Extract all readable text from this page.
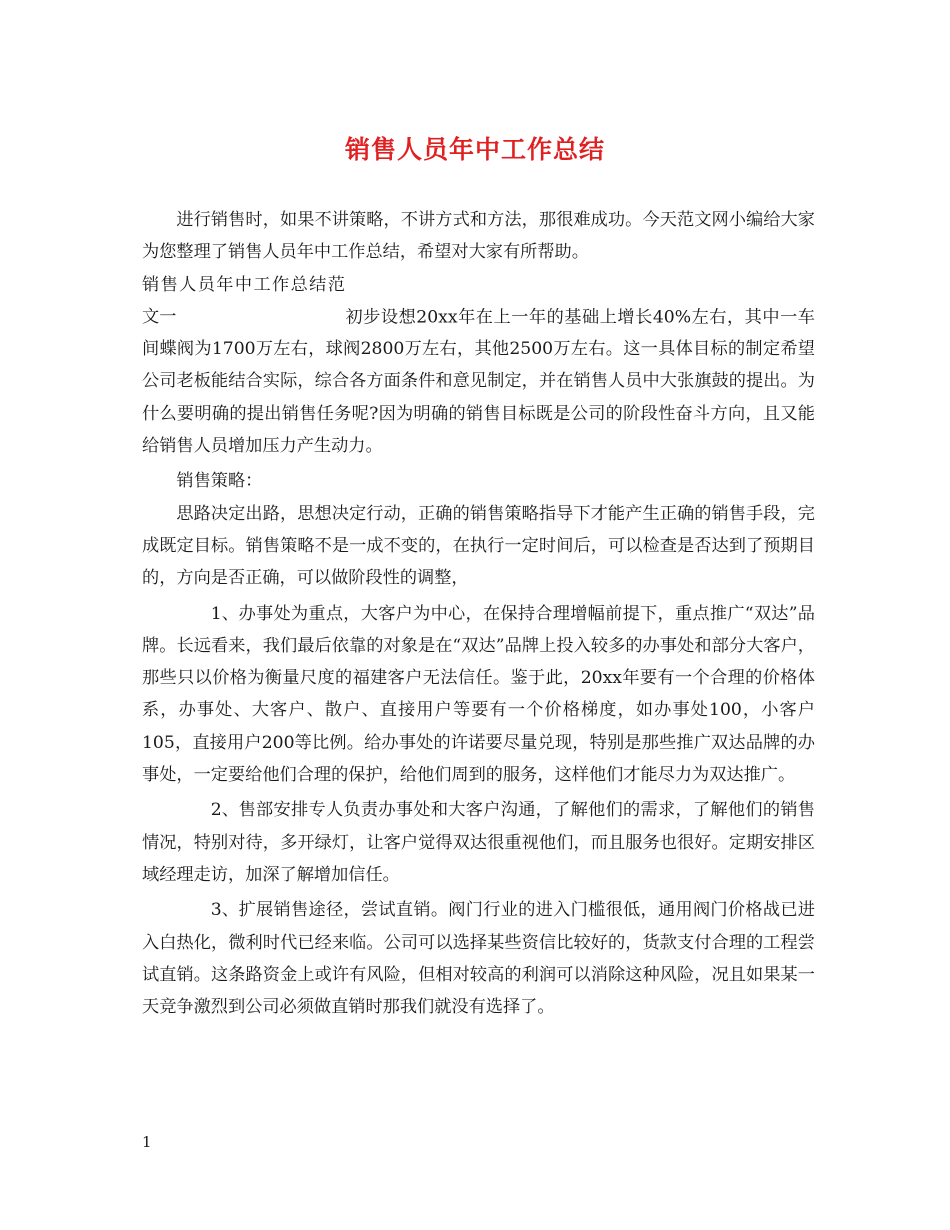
销售人员年中工作总结

进行销售时，如果不讲策略，不讲方式和方法，那很难成功。今天范文网小编给大家为您整理了销售人员年中工作总结，希望对大家有所帮助。

销售人员年中工作总结范文一	初步设想20xx年在上一年的基础上增长40%左右，其中一车间蝶阀为1700万左右，球阀2800万左右，其他2500万左右。这一具体目标的制定希望公司老板能结合实际，综合各方面条件和意见制定，并在销售人员中大张旗鼓的提出。为什么要明确的提出销售任务呢?因为明确的销售目标既是公司的阶段性奋斗方向，且又能给销售人员增加压力产生动力。

销售策略：

思路决定出路，思想决定行动，正确的销售策略指导下才能产生正确的销售手段，完成既定目标。销售策略不是一成不变的，在执行一定时间后，可以检查是否达到了预期目的，方向是否正确，可以做阶段性的调整，

1、办事处为重点，大客户为中心，在保持合理增幅前提下，重点推广“双达”品牌。长远看来，我们最后依靠的对象是在“双达”品牌上投入较多的办事处和部分大客户，那些只以价格为衡量尺度的福建客户无法信任。鉴于此，20xx年要有一个合理的价格体系，办事处、大客户、散户、直接用户等要有一个价格梯度，如办事处100，小客户105，直接用户200等比例。给办事处的许诺要尽量兑现，特别是那些推广双达品牌的办事处，一定要给他们合理的保护，给他们周到的服务，这样他们才能尽力为双达推广。

2、售部安排专人负责办事处和大客户沟通，了解他们的需求，了解他们的销售情况，特别对待，多开绿灯，让客户觉得双达很重视他们，而且服务也很好。定期安排区域经理走访，加深了解增加信任。

3、扩展销售途径，尝试直销。阀门行业的进入门槛很低，通用阀门价格战已进入白热化，微利时代已经来临。公司可以选择某些资信比较好的，货款支付合理的工程尝试直销。这条路资金上或许有风险，但相对较高的利润可以消除这种风险，况且如果某一天竞争激烈到公司必须做直销时那我们就没有选择了。

1
